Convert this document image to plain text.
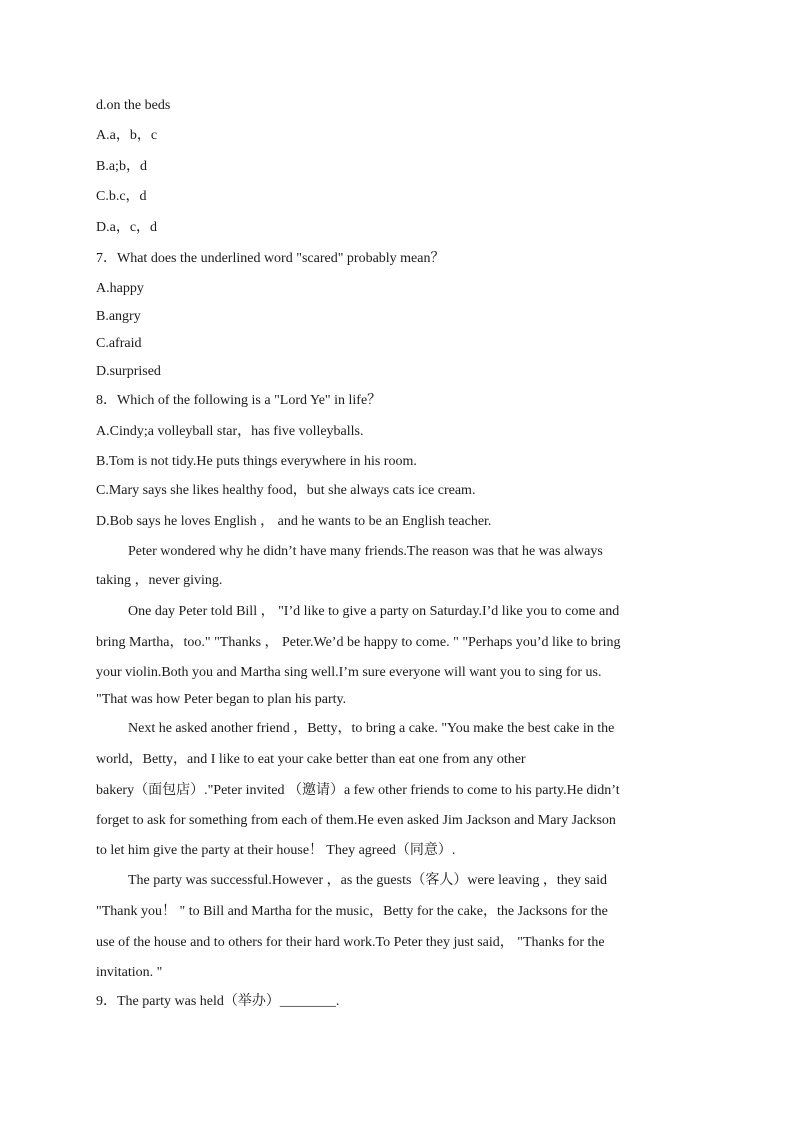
d.on the beds
A.a，b，c
B.a;b，d
C.b.c，d
D.a，c，d
7．What does the underlined word "scared" probably mean？
A.happy
B.angry
C.afraid
D.surprised
8．Which of the following is a "Lord Ye" in life？
A.Cindy;a volleyball star，has five volleyballs.
B.Tom is not tidy.He puts things everywhere in his room.
C.Mary says she likes healthy food，but she always cats ice cream.
D.Bob says he loves English ， and he wants to be an English teacher.
Peter wondered why he didn’t have many friends.The reason was that he was always
taking ，never giving.
One day Peter told Bill ， "I’d like to give a party on Saturday.I’d like you to come and
bring Martha，too." "Thanks ， Peter.We’d be happy to come. " "Perhaps you’d like to bring
your violin.Both you and Martha sing well.I’m sure everyone will want you to sing for us.
"That was how Peter began to plan his party.
Next he asked another friend ，Betty，to bring a cake. "You make the best cake in the
world，Betty，and I like to eat your cake better than eat one from any other
bakery（面包店）."Peter invited （邀请）a few other friends to come to his party.He didn’t
forget to ask for something from each of them.He even asked Jim Jackson and Mary Jackson
to let him give the party at their house！ They agreed（同意）.
The party was successful.However ，as the guests（客人）were leaving ，they said
"Thank you！ " to Bill and Martha for the music，Betty for the cake，the Jacksons for the
use of the house and to others for their hard work.To Peter they just said， "Thanks for the
invitation. "
9．The party was held（举办）________.
